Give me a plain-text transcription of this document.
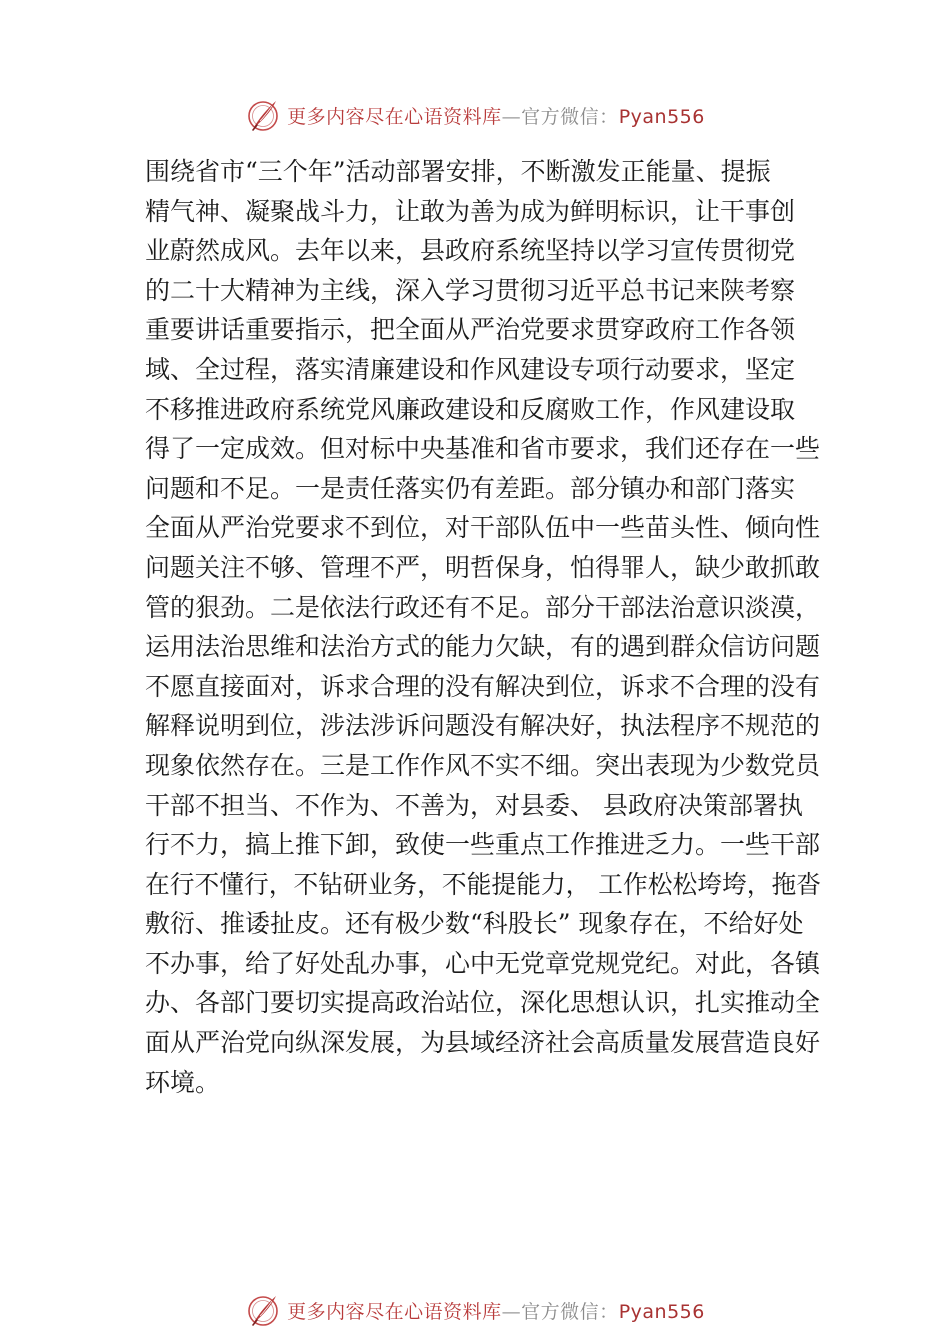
更多内容尽在心语资料库—官方微信：Pyan556
围绕省市“三个年”活动部署安排，不断激发正能量、提振
精气神、凝聚战斗力，让敢为善为成为鲜明标识，让干事创
业蔚然成风。去年以来，县政府系统坚持以学习宣传贯彻党
的二十大精神为主线，深入学习贯彻习近平总书记来陕考察
重要讲话重要指示，把全面从严治党要求贯穿政府工作各领
域、全过程，落实清廉建设和作风建设专项行动要求，坚定
不移推进政府系统党风廉政建设和反腐败工作，作风建设取
得了一定成效。但对标中央基准和省市要求，我们还存在一些
问题和不足。一是责任落实仍有差距。部分镇办和部门落实
全面从严治党要求不到位，对干部队伍中一些苗头性、倾向性
问题关注不够、管理不严，明哲保身，怕得罪人，缺少敢抓敢
管的狠劲。二是依法行政还有不足。部分干部法治意识淡漠，
运用法治思维和法治方式的能力欠缺，有的遇到群众信访问题
不愿直接面对，诉求合理的没有解决到位，诉求不合理的没有
解释说明到位，涉法涉诉问题没有解决好，执法程序不规范的
现象依然存在。三是工作作风不实不细。突出表现为少数党员
干部不担当、不作为、不善为，对县委、 县政府决策部署执
行不力，搞上推下卸，致使一些重点工作推进乏力。一些干部
在行不懂行，不钻研业务，不能提能力， 工作松松垮垮，拖沓
敷衍、推诿扯皮。还有极少数“科股长” 现象存在，不给好处
不办事，给了好处乱办事，心中无党章党规党纪。对此，各镇
办、各部门要切实提高政治站位，深化思想认识，扎实推动全
面从严治党向纵深发展，为县域经济社会高质量发展营造良好
环境。
更多内容尽在心语资料库—官方微信：Pyan556
